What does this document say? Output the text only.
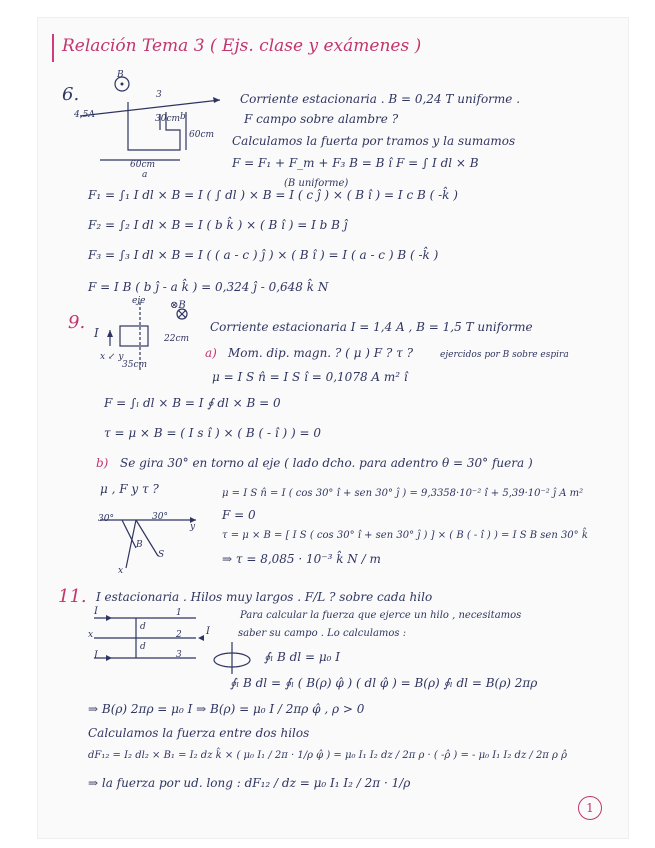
Relación Tema 3 ( Ejs. clase y exámenes )
6.
B
4,5A
3
30cm
60cm
60cm
a
b
Corriente estacionaria . B = 0,24 T uniforme .
F campo sobre alambre ?
Calculamos la fuerta por tramos y la sumamos
F = F₁ + F_m + F₃ B = B î F = ∫ I dl × B
(B uniforme)
F₁ = ∫₁ I dl × B = I ( ∫ dl ) × B = I ( c ĵ ) × ( B î ) = I c B ( -k̂ )
F₂ = ∫₂ I dl × B = I ( b k̂ ) × ( B î ) = I b B ĵ
F₃ = ∫₃ I dl × B = I ( ( a - c ) ĵ ) × ( B î ) = I ( a - c ) B ( -k̂ )
F = I B ( b ĵ - a k̂ ) = 0,324 ĵ - 0,648 k̂ N
9.
eje
I
⊗B
22cm
35cm
x ↙ y
Corriente estacionaria I = 1,4 A , B = 1,5 T uniforme
a) Mom. dip. magn. ? ( μ ) F ? τ ?	ejercidos por B sobre espira
μ = I S n̂ = I S î = 0,1078 A m² î
F = ∫ₗ dl × B = I ∮ dl × B = 0
τ = μ × B = ( I s î ) × ( B ( - î ) ) = 0
b) Se gira 30° en torno al eje ( lado dcho. para adentro θ = 30° fuera )
μ , F y τ ?	μ = I S n̂ = I ( cos 30° î + sen 30° ĵ ) = 9,3358·10⁻² î + 5,39·10⁻² ĵ A m²
F = 0
τ = μ × B = [ I S ( cos 30° î + sen 30° ĵ ) ] × ( B ( - î ) ) = I S B sen 30° k̂
⇒ τ = 8,085 · 10⁻³ k̂ N / m
30°	30°
y
x
B
S
11. I estacionaria . Hilos muy largos . F/L ? sobre cada hilo
I
I
I
1
2
3
d
d
x
Para calcular la fuerza que ejerce un hilo , necesitamos
saber su campo . Lo calculamos :
∮ₗ B dl = μ₀ I
∮ₗ B dl = ∮ₗ ( B(ρ) φ̂ ) ( dl φ̂ ) = B(ρ) ∮ₗ dl = B(ρ) 2πρ
⇒ B(ρ) 2πρ = μ₀ I ⇒ B(ρ) = μ₀ I / 2πρ φ̂ , ρ > 0
Calculamos la fuerza entre dos hilos
dF₁₂ = I₂ dl₂ × B₁ = I₂ dz k̂ × ( μ₀ I₁ / 2π · 1/ρ φ̂ ) = μ₀ I₁ I₂ dz / 2π ρ · ( -ρ̂ ) = - μ₀ I₁ I₂ dz / 2π ρ ρ̂
⇒ la fuerza por ud. long : dF₁₂ / dz = μ₀ I₁ I₂ / 2π · 1/ρ
1
